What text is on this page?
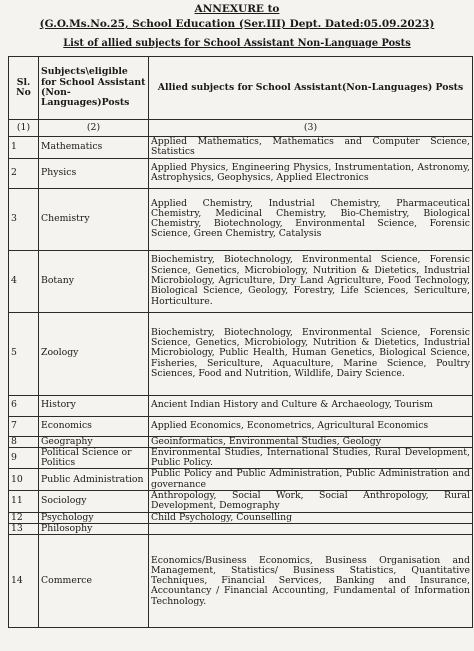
ANNEXURE to
(G.O.Ms.No.25, School Education (Ser.III) Dept. Dated:05.09.2023)
List of allied subjects for School Assistant Non-Language Posts
Sl. No	Subjects\eligible for School Assistant (Non-Languages)Posts	Allied subjects for School Assistant(Non-Languages) Posts
(1)	(2)	(3)
1	Mathematics	Applied Mathematics, Mathematics and Computer Science, Statistics
2	Physics	Applied Physics, Engineering Physics, Instrumentation, Astronomy, Astrophysics, Geophysics, Applied Electronics
3	Chemistry	Applied Chemistry, Industrial Chemistry, Pharmaceutical Chemistry, Medicinal Chemistry, Bio-Chemistry, Biological Chemistry, Biotechnology, Environmental Science, Forensic Science, Green Chemistry, Catalysis
4	Botany	Biochemistry, Biotechnology, Environmental Science, Forensic Science, Genetics, Microbiology, Nutrition & Dietetics, Industrial Microbiology, Agriculture, Dry Land Agriculture, Food Technology, Biological Science, Geology, Forestry, Life Sciences, Sericulture, Horticulture.
5	Zoology	Biochemistry, Biotechnology, Environmental Science, Forensic Science, Genetics, Microbiology, Nutrition & Dietetics, Industrial Microbiology, Public Health, Human Genetics, Biological Science, Fisheries, Sericulture, Aquaculture, Marine Science, Poultry Sciences, Food and Nutrition, Wildlife, Dairy Science.
6	History	Ancient Indian History and Culture & Archaeology, Tourism
7	Economics	Applied Economics, Econometrics, Agricultural Economics
8	Geography	Geoinformatics, Environmental Studies, Geology
9	Political Science or Politics	Environmental Studies, International Studies, Rural Development, Public Policy.
10	Public Administration	Public Policy and Public Administration, Public Administration and governance
11	Sociology	Anthropology, Social Work, Social Anthropology, Rural Development, Demography
12	Psychology	Child Psychology, Counselling
13	Philosophy	
14	Commerce	Economics/Business Economics, Business Organisation and Management, Statistics/ Business Statistics, Quantitative Techniques, Financial Services, Banking and Insurance, Accountancy / Financial Accounting, Fundamental of Information Technology.
